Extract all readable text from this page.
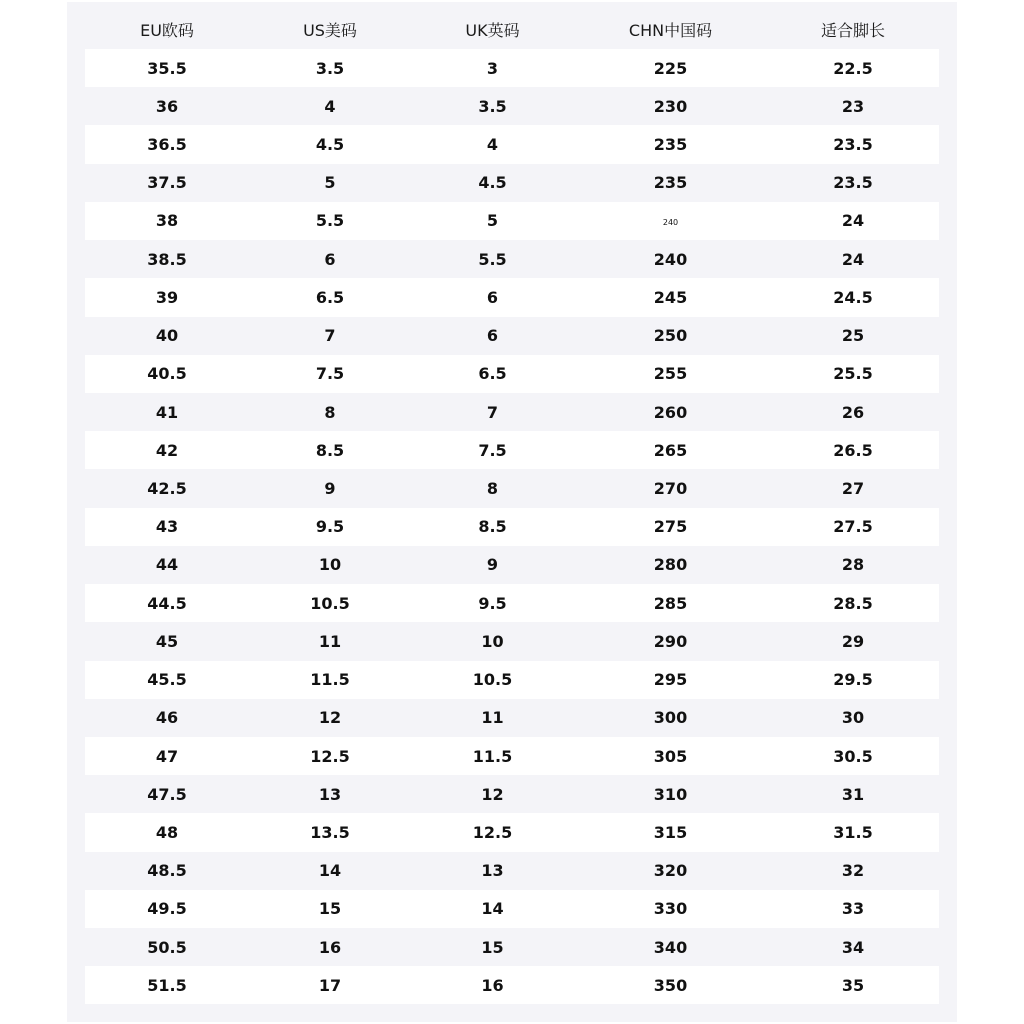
EU欧码	US美码	UK英码	CHN中国码	适合脚长
35.5	3.5	3	225	22.5
36	4	3.5	230	23
36.5	4.5	4	235	23.5
37.5	5	4.5	235	23.5
38	5.5	5	240	24
38.5	6	5.5	240	24
39	6.5	6	245	24.5
40	7	6	250	25
40.5	7.5	6.5	255	25.5
41	8	7	260	26
42	8.5	7.5	265	26.5
42.5	9	8	270	27
43	9.5	8.5	275	27.5
44	10	9	280	28
44.5	10.5	9.5	285	28.5
45	11	10	290	29
45.5	11.5	10.5	295	29.5
46	12	11	300	30
47	12.5	11.5	305	30.5
47.5	13	12	310	31
48	13.5	12.5	315	31.5
48.5	14	13	320	32
49.5	15	14	330	33
50.5	16	15	340	34
51.5	17	16	350	35
